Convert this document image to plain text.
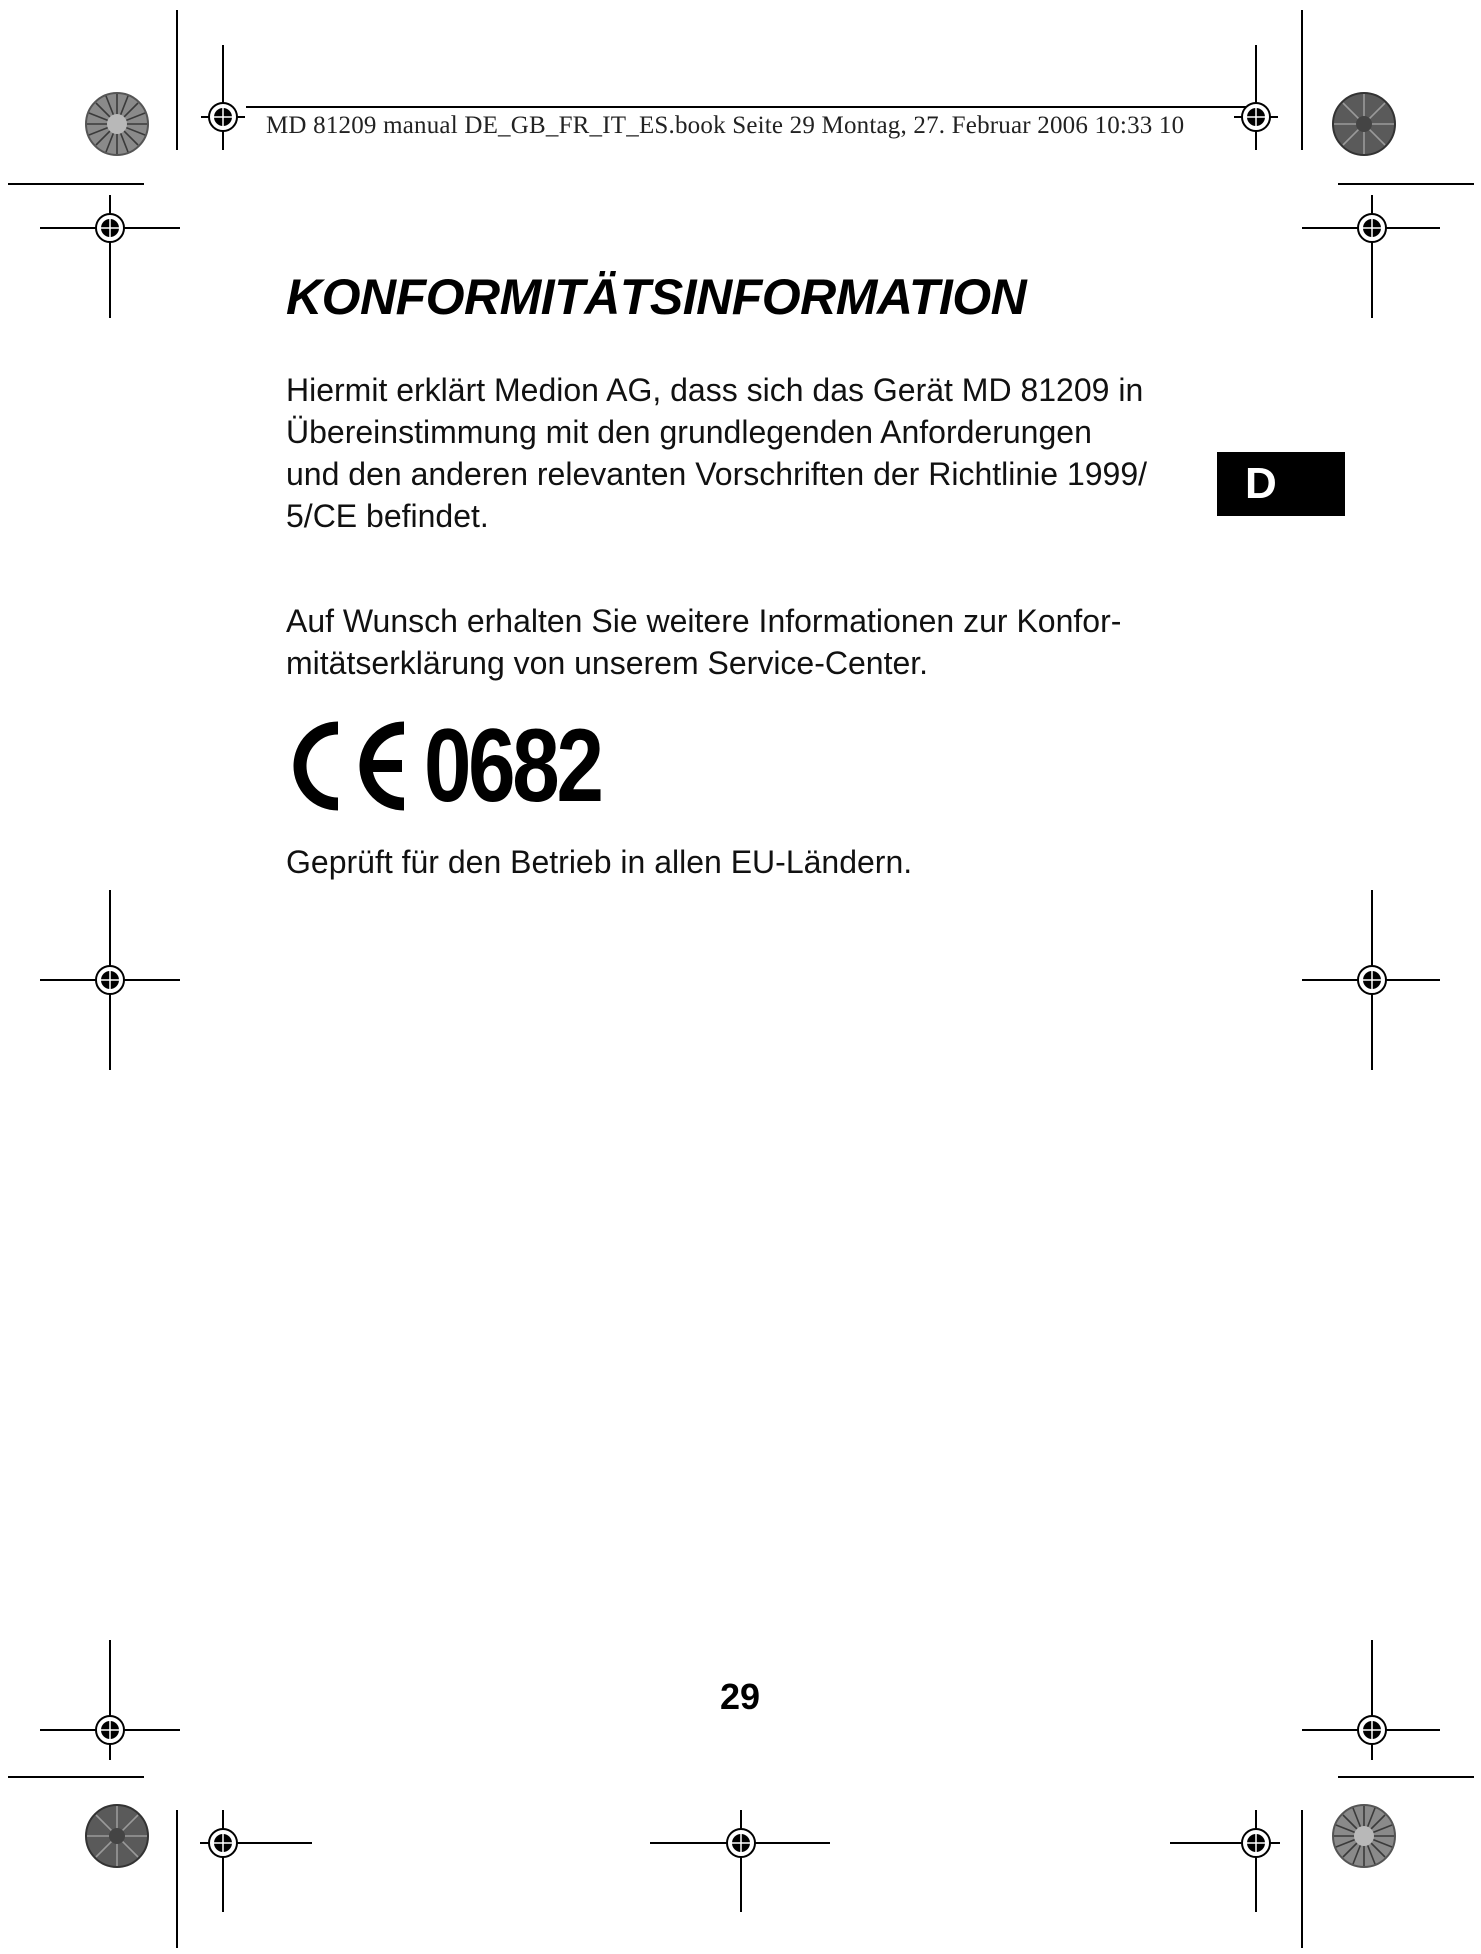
MD 81209 manual DE_GB_FR_IT_ES.book Seite 29 Montag, 27. Februar 2006 10:33 10
KONFORMITÄTSINFORMATION

Hiermit erklärt Medion AG, dass sich das Gerät MD 81209 in
Übereinstimmung mit den grundlegenden Anforderungen
und den anderen relevanten Vorschriften der Richtlinie 1999/
5/CE befindet.

D

Auf Wunsch erhalten Sie weitere Informationen zur Konfor-
mitätserklärung von unserem Service-Center.

0682

Geprüft für den Betrieb in allen EU-Ländern.

29
